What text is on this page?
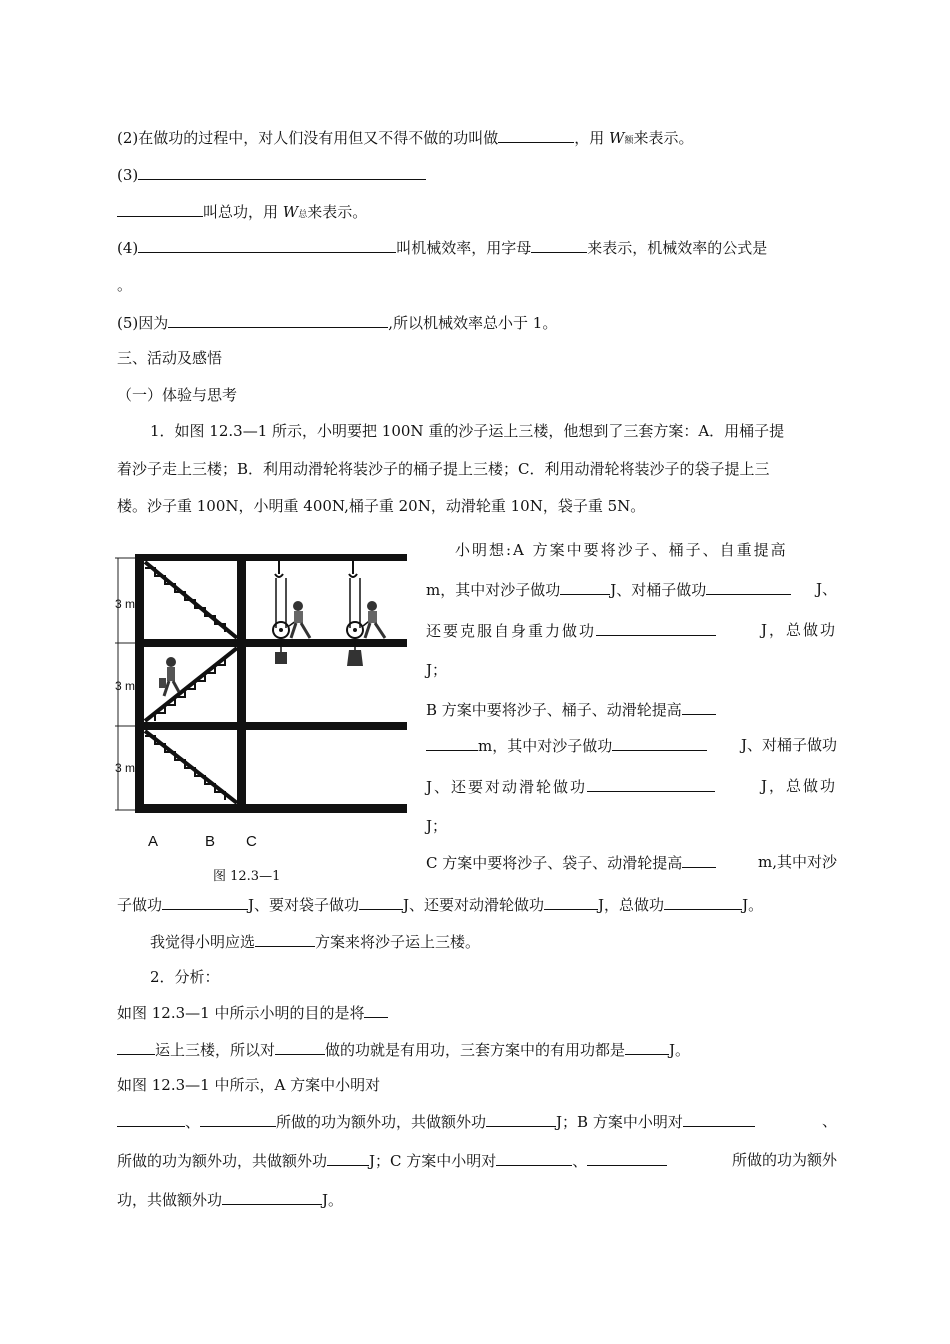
(2)在做功的过程中，对人们没有用但又不得不做的功叫做	，用 W额来表示。
(3)
叫总功，用 W总来表示。
(4)	叫机械效率，用字母	来表示，机械效率的公式是
。
(5)因为	,所以机械效率总小于 1。
三、活动及感悟
（一）体验与思考
1．如图 12.3—1 所示，小明要把 100N 重的沙子运上三楼，他想到了三套方案：A．用桶子提
着沙子走上三楼；B．利用动滑轮将装沙子的桶子提上三楼；C．利用动滑轮将装沙子的袋子提上三
楼。沙子重 100N，小明重 400N,桶子重 20N，动滑轮重 10N，袋子重 5N。
3 m
3 m
3 m
A	B C
图 12.3—1
小明想:A 方案中要将沙子、桶子、自重提高
m，其中对沙子做功	J、对桶子做功	J、
还要克服自身重力做功	J，总做功
J；
B 方案中要将沙子、桶子、动滑轮提高
m，其中对沙子做功	J、对桶子做功
J、还要对动滑轮做功	J，总做功
J；
C 方案中要将沙子、袋子、动滑轮提高	m,其中对沙
子做功	J、要对袋子做功	J、还要对动滑轮做功	J，总做功	J。
我觉得小明应选	方案来将沙子运上三楼。
2．分析：
如图 12.3—1 中所示小明的目的是将
运上三楼，所以对	做的功就是有用功，三套方案中的有用功都是	J。
如图 12.3—1 中所示，A 方案中小明对
、	所做的功为额外功，共做额外功	J；B 方案中小明对	、
所做的功为额外功，共做额外功	J；C 方案中小明对	、	所做的功为额外
功，共做额外功	J。
